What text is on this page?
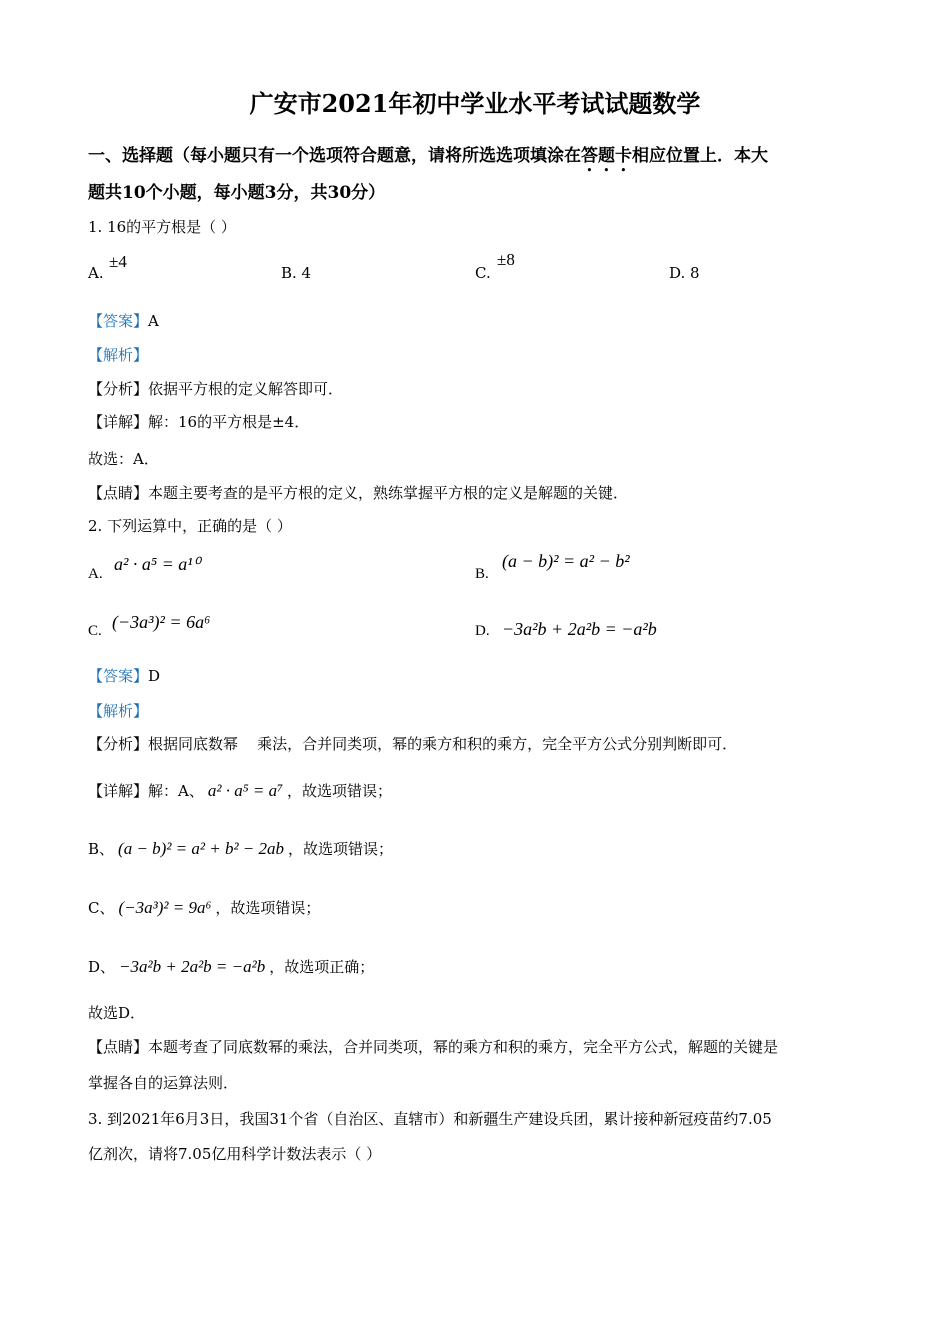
广安市2021年初中学业水平考试试题数学
一、选择题（每小题只有一个选项符合题意，请将所选选项填涂在答题卡相应位置上．本大
题共10个小题，每小题3分，共30分）
1. 16的平方根是（ ）
A.
±4
B. 4	C.
±8
D. 8
【答案】A
【解析】
【分析】依据平方根的定义解答即可．
【详解】解：16的平方根是±4．
故选：A．
【点睛】本题主要考查的是平方根的定义，熟练掌握平方根的定义是解题的关键．
2. 下列运算中，正确的是（ ）
A. a² · a⁵ = a¹⁰	B.
(a − b)² = a² − b²
C. (−3a³)² = 6a⁶	D. −3a²b + 2a²b = −a²b
【答案】D
【解析】
【分析】根据同底数幂    乘法，合并同类项，幂的乘方和积的乘方，完全平方公式分别判断即可．
【详解】解：A、 a² · a⁵ = a⁷ ，故选项错误；
B、 (a − b)² = a² + b² − 2ab ，故选项错误；
C、 (−3a³)² = 9a⁶ ，故选项错误；
D、 −3a²b + 2a²b = −a²b ，故选项正确；
故选D．
【点睛】本题考查了同底数幂的乘法，合并同类项，幂的乘方和积的乘方，完全平方公式，解题的关键是
掌握各自的运算法则．
3. 到2021年6月3日，我国31个省（自治区、直辖市）和新疆生产建设兵团，累计接种新冠疫苗约7.05
亿剂次，请将7.05亿用科学计数法表示（ ）
